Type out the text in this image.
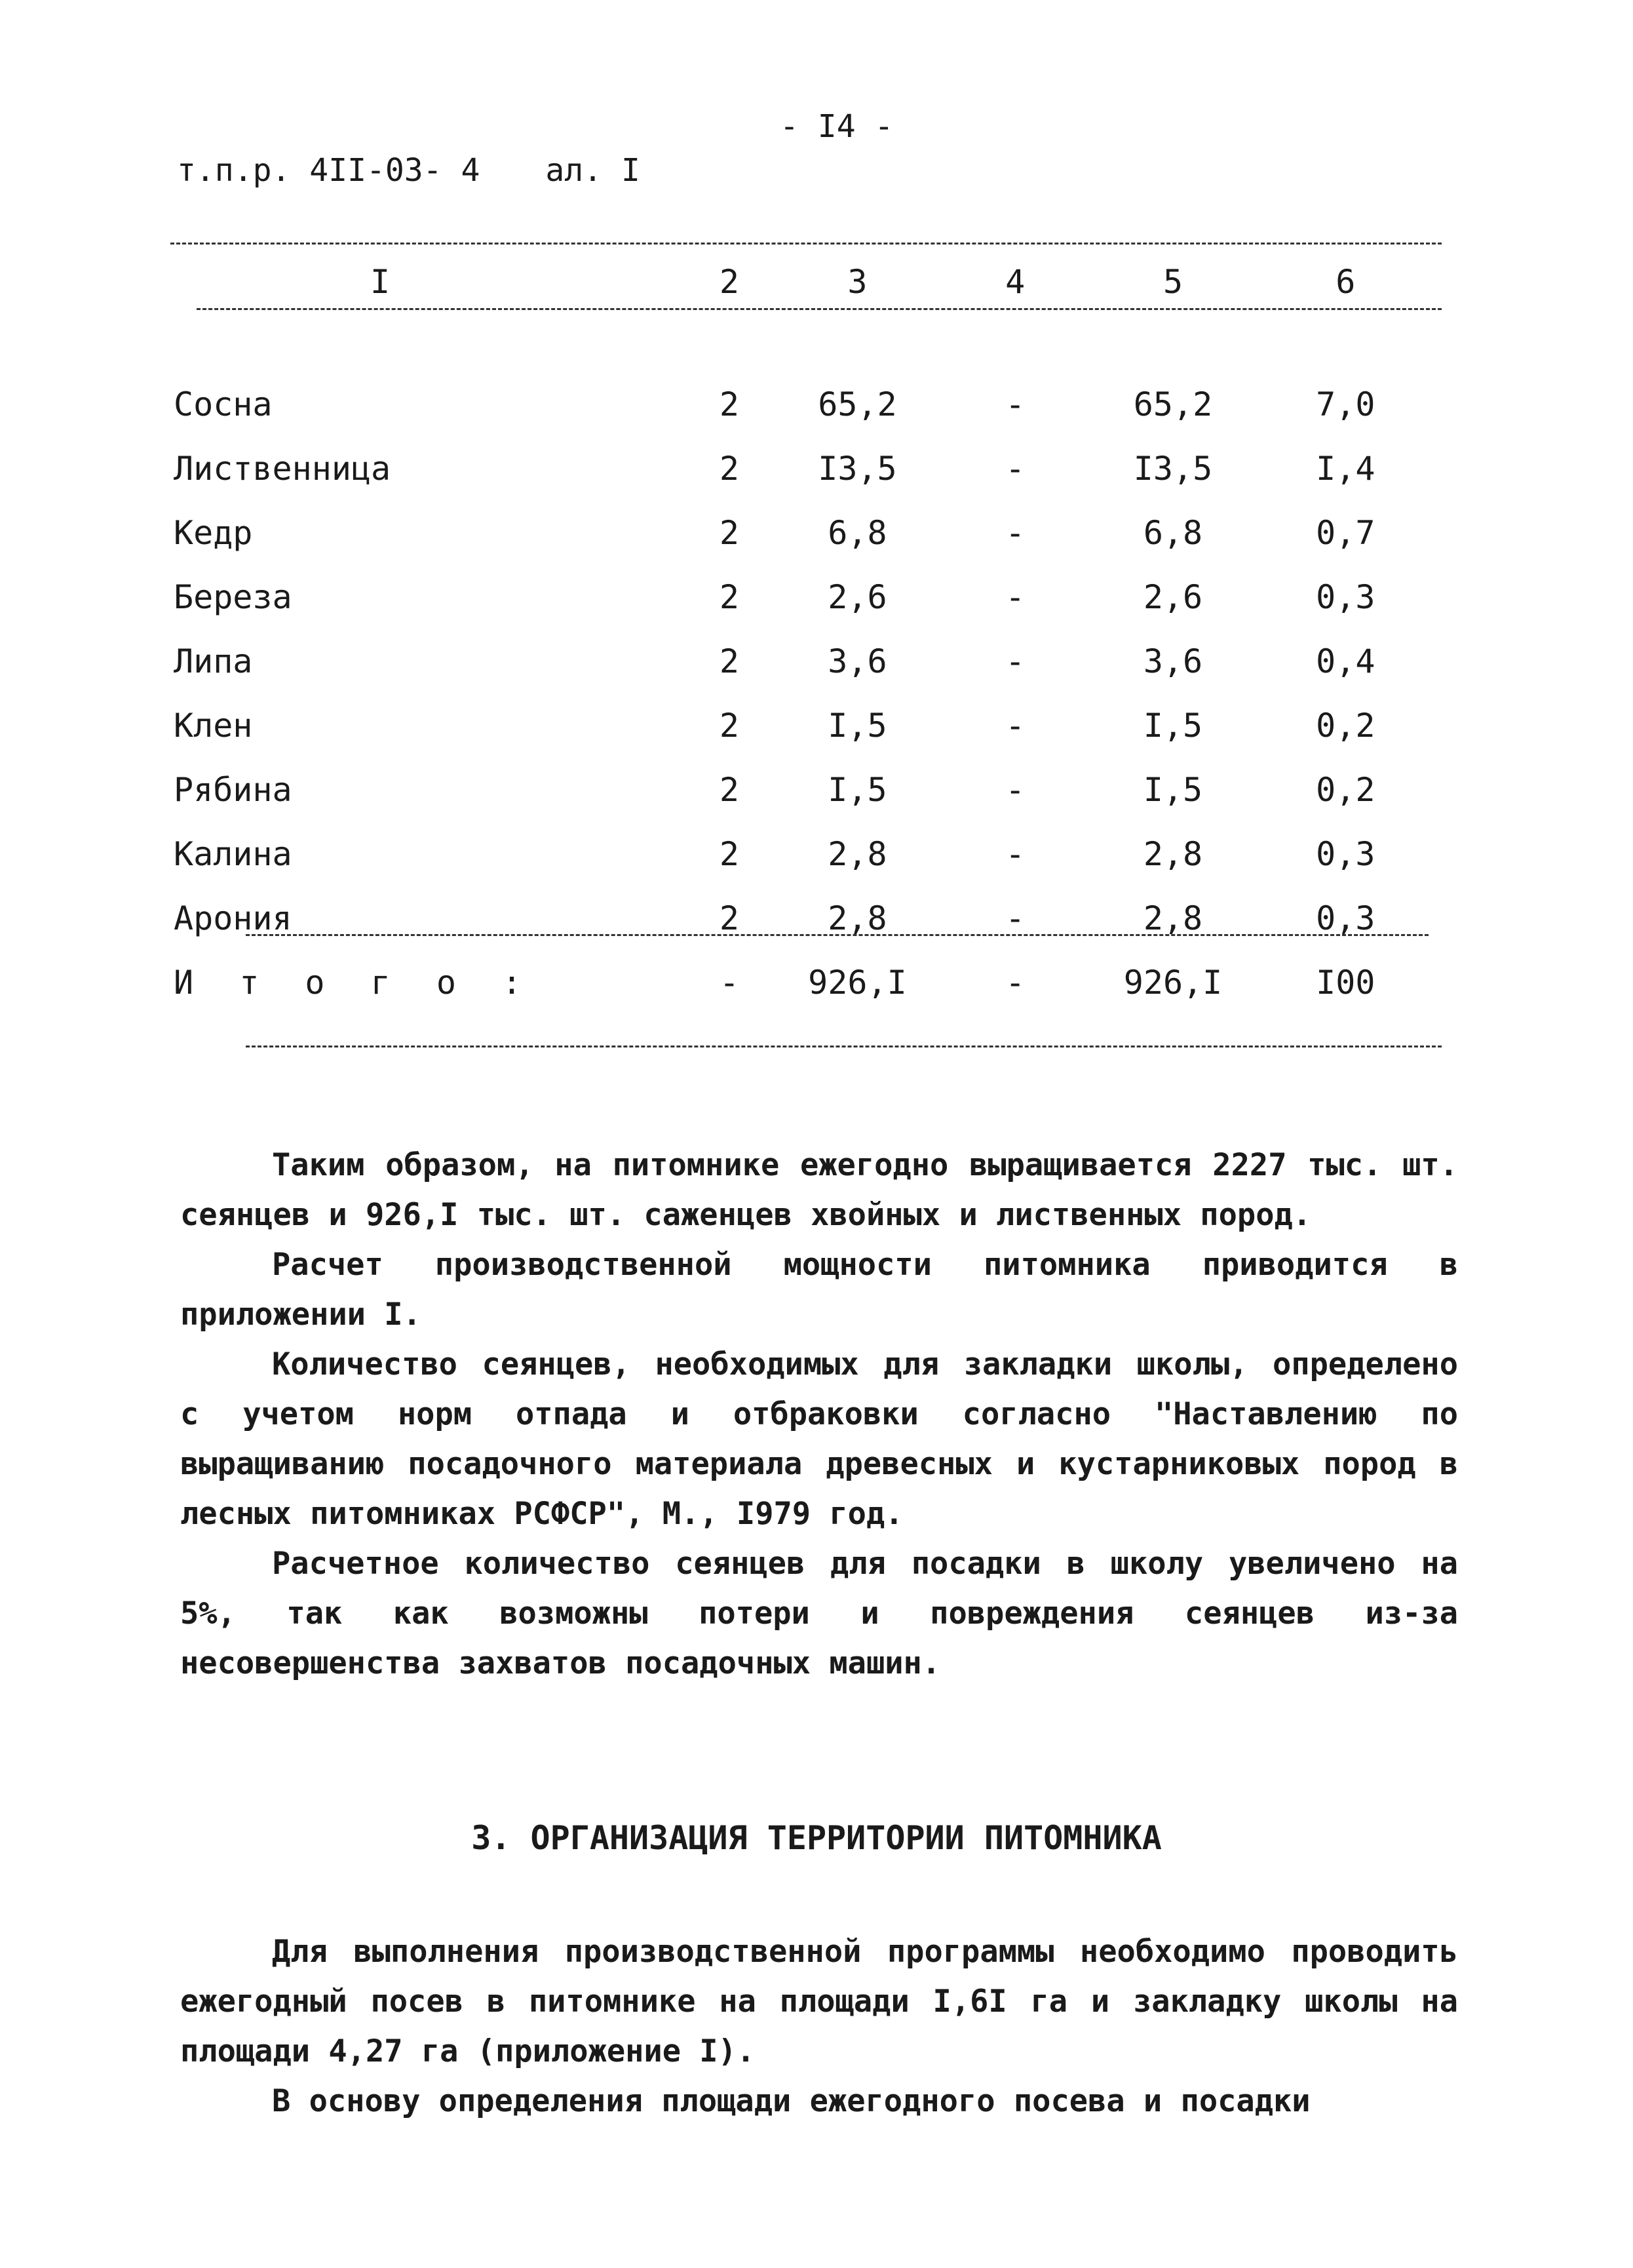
- I4 -
т.п.р. 4II-03- 4 ал. I
I	2	3	4	5	6

Сосна	2	65,2	-	65,2	7,0
Лиственница	2	I3,5	-	I3,5	I,4
Кедр	2	6,8	-	6,8	0,7
Береза	2	2,6	-	2,6	0,3
Липа	2	3,6	-	3,6	0,4
Клен	2	I,5	-	I,5	0,2
Рябина	2	I,5	-	I,5	0,2
Калина	2	2,8	-	2,8	0,3
Арония	2	2,8	-	2,8	0,3
И т о г о :	-	926,I	-	926,I	I00

Таким образом, на питомнике ежегодно выращивается 2227 тыс. шт. сеянцев и 926,I тыс. шт. саженцев хвойных и лиственных пород.

Расчет производственной мощности питомника приводится в приложении I.

Количество сеянцев, необходимых для закладки школы, определено с учетом норм отпада и отбраковки согласно "Наставлению по выращиванию посадочного материала древесных и кустарниковых пород в лесных питомниках РСФСР", М., I979 год.

Расчетное количество сеянцев для посадки в школу увеличено на 5%, так как возможны потери и повреждения сеянцев из-за несовершенства захватов посадочных машин.

3. ОРГАНИЗАЦИЯ ТЕРРИТОРИИ ПИТОМНИКА

Для выполнения производственной программы необходимо проводить ежегодный посев в питомнике на площади I,6I га и закладку школы на площади 4,27 га (приложение I).

В основу определения площади ежегодного посева и посадки
